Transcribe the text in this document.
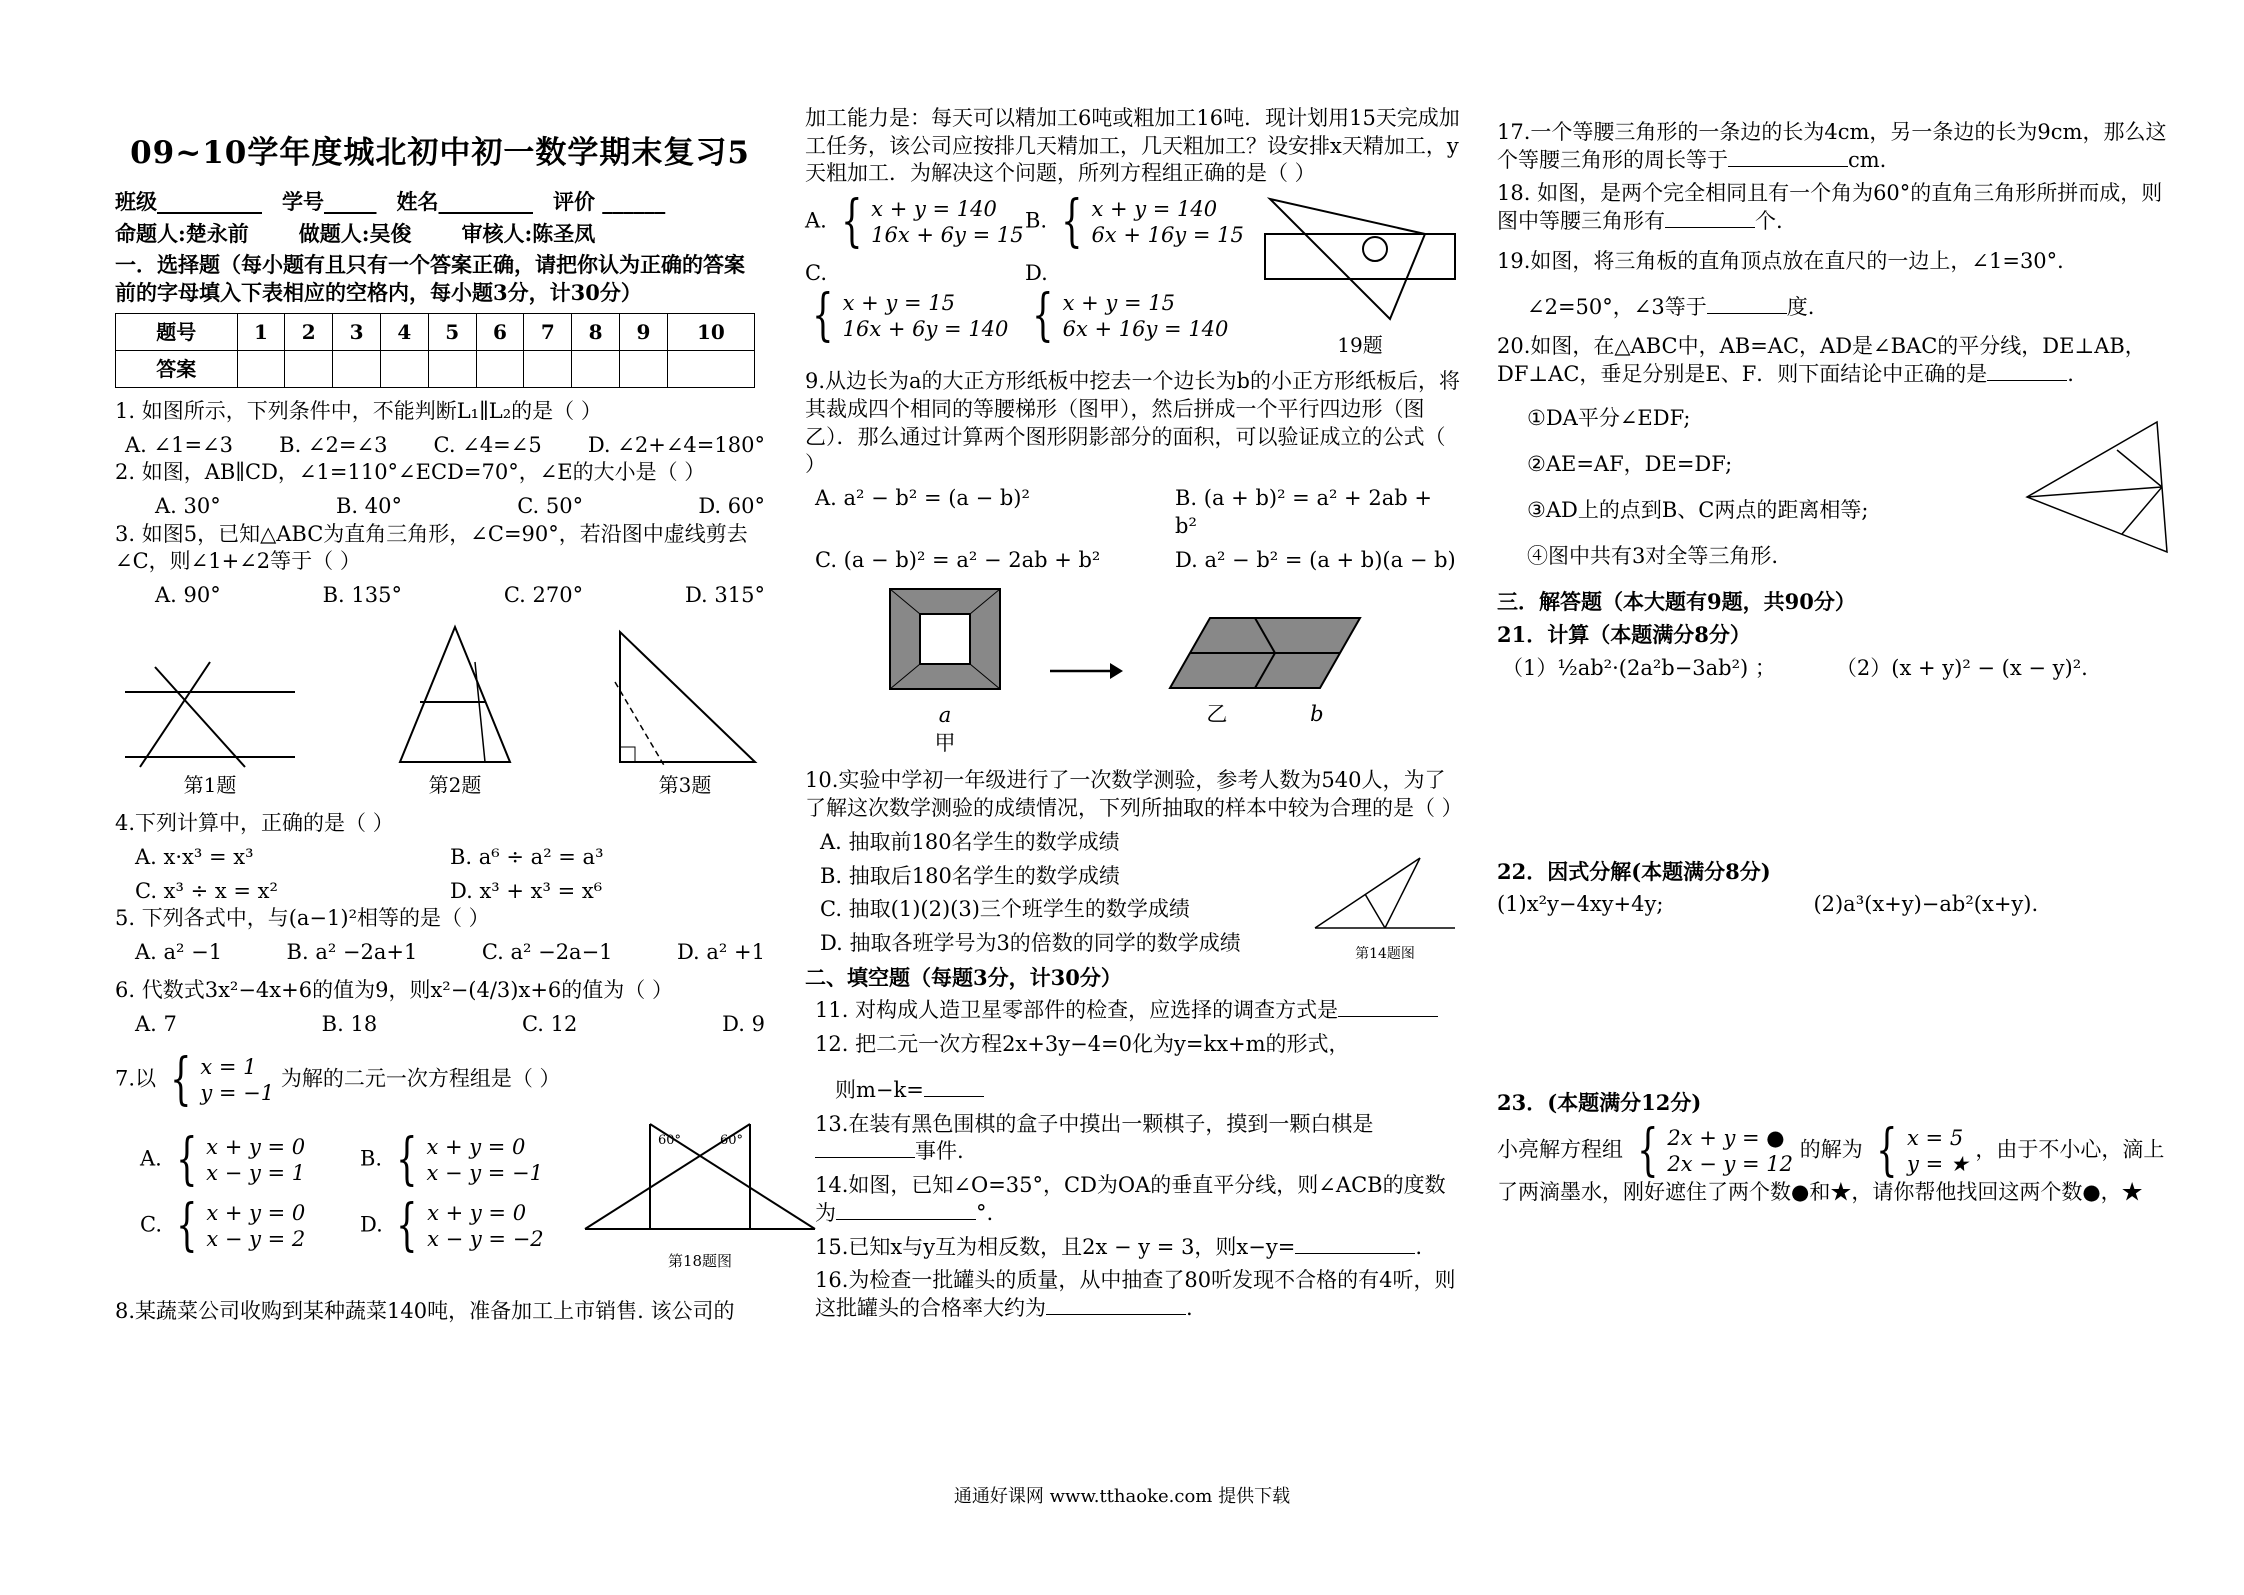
09~10学年度城北初中初一数学期末复习5
班级__________ 学号_____ 姓名_________ 评价 ______
命题人:楚永前 做题人:吴俊 审核人:陈圣凤

一．选择题（每小题有且只有一个答案正确，请把你认为正确的答案前的字母填入下表相应的空格内，每小题3分，计30分）

题号	1	2	3	4	5	6	7	8	9	10
答案										

1. 如图所示，下列条件中，不能判断L₁∥L₂的是（ ）

A. ∠1=∠3 B. ∠2=∠3 C. ∠4=∠5 D. ∠2+∠4=180°

2. 如图，AB∥CD，∠1=110°∠ECD=70°，∠E的大小是（ ）

A. 30°	B. 40°	C. 50°	D. 60°

3. 如图5，已知△ABC为直角三角形，∠C=90°，若沿图中虚线剪去∠C，则∠1+∠2等于（ ）

A. 90°	B. 135°	C. 270°	D. 315°
第1题	第2题	第3题

4.下列计算中，正确的是（ ）

A. x·x³ = x³	B. a⁶ ÷ a² = a³
C. x³ ÷ x = x²	D. x³ + x³ = x⁶

5. 下列各式中，与(a−1)²相等的是（ ）

A. a² −1	B. a² −2a+1	C. a² −2a−1	D. a² +1

6. 代数式3x²−4x+6的值为9，则x²−(4/3)x+6的值为（ ）

A. 7	B. 18	C. 12	D. 9

7.以 { x = 1
y = −1
为解的二元一次方程组是（ ）

A. { x + y = 0
x − y = 1
B. { x + y = 0
x − y = −1
C. { x + y = 0
x − y = 2
D. { x + y = 0
x − y = −2
60°	60°
第18题图

8.某蔬菜公司收购到某种蔬菜140吨，准备加工上市销售. 该公司的

加工能力是：每天可以精加工6吨或粗加工16吨．现计划用15天完成加工任务，该公司应按排几天精加工，几天粗加工？设安排x天精加工，y天粗加工．为解决这个问题，所列方程组正确的是（ ）

A. { x + y = 140
16x + 6y = 15
B. { x + y = 140
6x + 16y = 15
C.
{ x + y = 15
16x + 6y = 140
D.
{ x + y = 15
6x + 16y = 140
19题

9.从边长为a的大正方形纸板中挖去一个边长为b的小正方形纸板后，将其裁成四个相同的等腰梯形（图甲），然后拼成一个平行四边形（图乙）．那么通过计算两个图形阴影部分的面积，可以验证成立的公式（ ）

A. a² − b² = (a − b)²	B. (a + b)² = a² + 2ab + b²
C. (a − b)² = a² − 2ab + b²	D. a² − b² = (a + b)(a − b)
a
甲
乙	b

10.实验中学初一年级进行了一次数学测验，参考人数为540人，为了了解这次数学测验的成绩情况，下列所抽取的样本中较为合理的是（ ）

A. 抽取前180名学生的数学成绩

B. 抽取后180名学生的数学成绩

C. 抽取(1)(2)(3)三个班学生的数学成绩

D. 抽取各班学号为3的倍数的同学的数学成绩	第14题图

二、填空题（每题3分，计30分）

11. 对构成人造卫星零部件的检查，应选择的调查方式是

12. 把二元一次方程2x+3y−4=0化为y=kx+m的形式，

则m−k=

13.在装有黑色围棋的盒子中摸出一颗棋子，摸到一颗白棋是事件.

14.如图，已知∠O=35°，CD为OA的垂直平分线，则∠ACB的度数为	°.

15.已知x与y互为相反数，且2x − y = 3，则x−y=	.

16.为检查一批罐头的质量，从中抽查了80听发现不合格的有4听，则这批罐头的合格率大约为	.

17.一个等腰三角形的一条边的长为4cm，另一条边的长为9cm，那么这个等腰三角形的周长等于	cm.

18. 如图，是两个完全相同且有一个角为60°的直角三角形所拼而成，则图中等腰三角形有	个.

19.如图，将三角板的直角顶点放在直尺的一边上，∠1=30°．

∠2=50°，∠3等于	度.

20.如图，在△ABC中，AB=AC，AD是∠BAC的平分线，DE⊥AB，DF⊥AC，垂足分别是E、F．则下面结论中正确的是	.

①DA平分∠EDF;
②AE=AF，DE=DF;
③AD上的点到B、C两点的距离相等;
④图中共有3对全等三角形.

三．解答题（本大题有9题，共90分）

21．计算（本题满分8分）

（1）½ab²·(2a²b−3ab²) ；	（2）(x + y)² − (x − y)².

22．因式分解(本题满分8分)

(1)x²y−4xy+4y;	(2)a³(x+y)−ab²(x+y).

23．(本题满分12分)

小亮解方程组 { 2x + y = ●
2x − y = 12
的解为 { x = 5
y = ★
，由于不小心，滴上了两滴墨水，刚好遮住了两个数●和★，请你帮他找回这两个数●，★

通通好课网 www.tthaoke.com 提供下载
